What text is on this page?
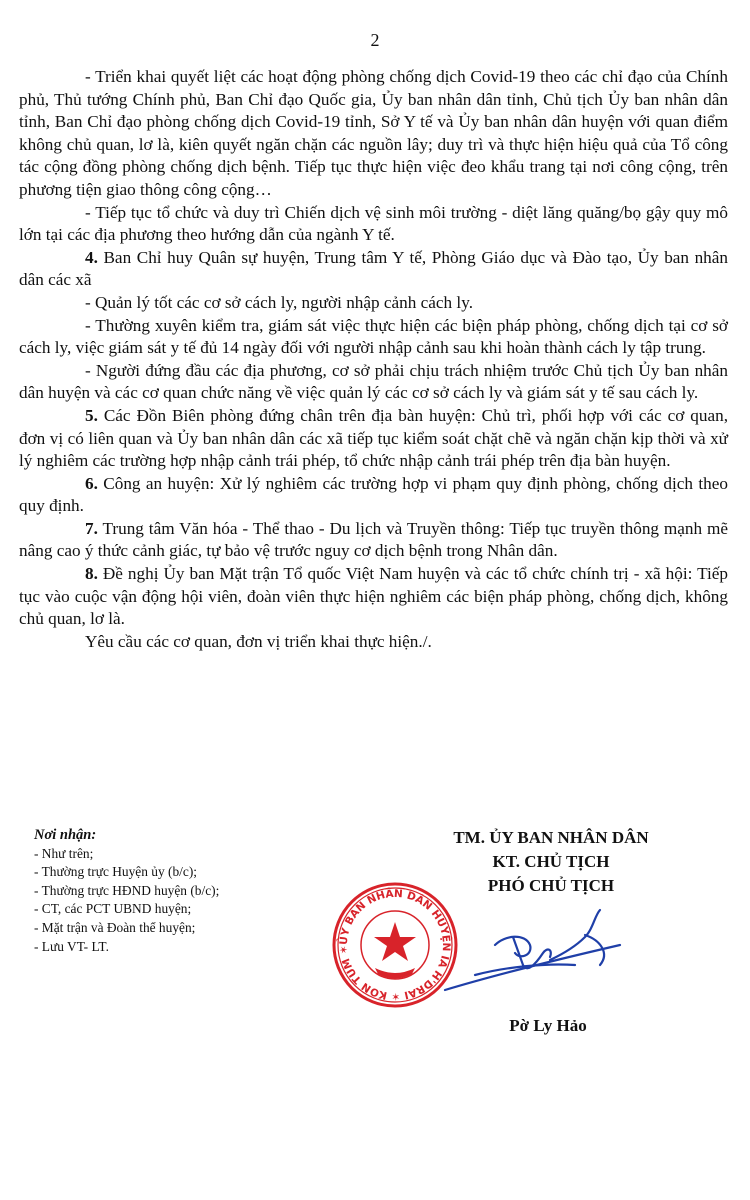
2

- Triển khai quyết liệt các hoạt động phòng chống dịch Covid-19 theo các chỉ đạo của Chính phủ, Thủ tướng Chính phủ, Ban Chỉ đạo Quốc gia, Ủy ban nhân dân tỉnh, Chủ tịch Ủy ban nhân dân tỉnh, Ban Chỉ đạo phòng chống dịch Covid-19 tỉnh, Sở Y tế và Ủy ban nhân dân huyện với quan điểm không chủ quan, lơ là, kiên quyết ngăn chặn các nguồn lây; duy trì và thực hiện hiệu quả của Tổ công tác cộng đồng phòng chống dịch bệnh. Tiếp tục thực hiện việc đeo khẩu trang tại nơi công cộng, trên phương tiện giao thông công cộng…

- Tiếp tục tổ chức và duy trì Chiến dịch vệ sinh môi trường - diệt lăng quăng/bọ gậy quy mô lớn tại các địa phương theo hướng dẫn của ngành Y tế.

4. Ban Chỉ huy Quân sự huyện, Trung tâm Y tế, Phòng Giáo dục và Đào tạo, Ủy ban nhân dân các xã

- Quản lý tốt các cơ sở cách ly, người nhập cảnh cách ly.

- Thường xuyên kiểm tra, giám sát việc thực hiện các biện pháp phòng, chống dịch tại cơ sở cách ly, việc giám sát y tế đủ 14 ngày đối với người nhập cảnh sau khi hoàn thành cách ly tập trung.

- Người đứng đầu các địa phương, cơ sở phải chịu trách nhiệm trước Chủ tịch Ủy ban nhân dân huyện và các cơ quan chức năng về việc quản lý các cơ sở cách ly và giám sát y tế sau cách ly.

5. Các Đồn Biên phòng đứng chân trên địa bàn huyện: Chủ trì, phối hợp với các cơ quan, đơn vị có liên quan và Ủy ban nhân dân các xã tiếp tục kiểm soát chặt chẽ và ngăn chặn kịp thời và xử lý nghiêm các trường hợp nhập cảnh trái phép, tổ chức nhập cảnh trái phép trên địa bàn huyện.

6. Công an huyện: Xử lý nghiêm các trường hợp vi phạm quy định phòng, chống dịch theo quy định.

7. Trung tâm Văn hóa - Thể thao - Du lịch và Truyền thông: Tiếp tục truyền thông mạnh mẽ nâng cao ý thức cảnh giác, tự bảo vệ trước nguy cơ dịch bệnh trong Nhân dân.

8. Đề nghị Ủy ban Mặt trận Tổ quốc Việt Nam huyện và các tổ chức chính trị - xã hội: Tiếp tục vào cuộc vận động hội viên, đoàn viên thực hiện nghiêm các biện pháp phòng, chống dịch, không chủ quan, lơ là.

Yêu cầu các cơ quan, đơn vị triển khai thực hiện./.

Nơi nhận:
- Như trên;
- Thường trực Huyện ủy (b/c);
- Thường trực HĐND huyện (b/c);
- CT, các PCT UBND huyện;
- Mặt trận và Đoàn thể huyện;
- Lưu VT- LT.
TM. ỦY BAN NHÂN DÂN
KT. CHỦ TỊCH
PHÓ CHỦ TỊCH
ỦY BAN NHÂN DÂN HUYỆN IA H'DRAI ✶ KON TUM ✶
Pờ Ly Hảo
